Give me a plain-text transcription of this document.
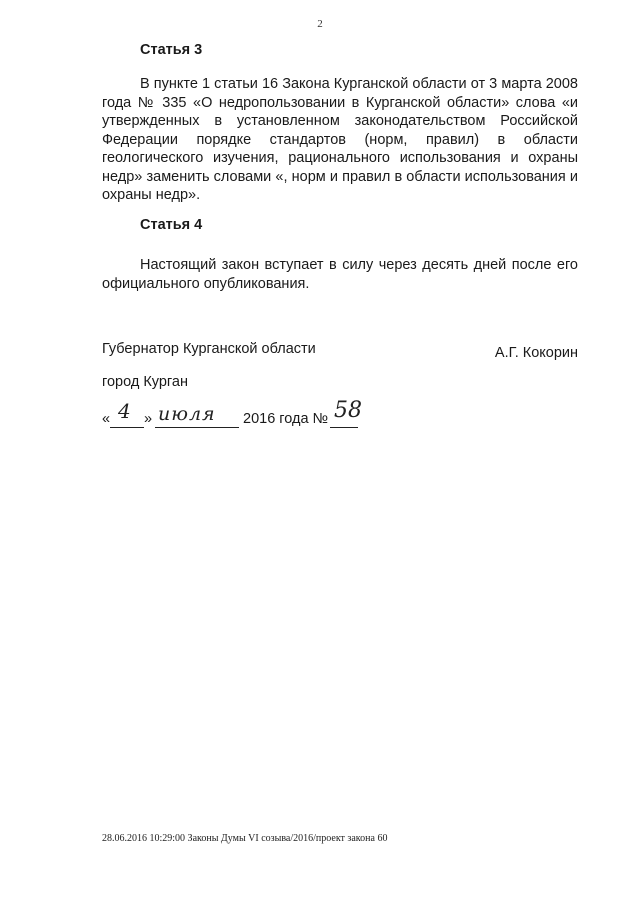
2
Статья 3

В пункте 1 статьи 16 Закона Курганской области от 3 марта 2008 года № 335 «О недропользовании в Курганской области» слова «и утвержденных в установленном законодательством Российской Федерации порядке стандартов (норм, правил) в области геологического изучения, рационального использования и охраны недр» заменить словами «, норм и правил в области использования и охраны недр».

Статья 4

Настоящий закон вступает в силу через десять дней после его официального опубликования.

Губернатор Курганской области	А.Г. Кокорин
город Курган
« 4 » июля 2016 года № 58
28.06.2016 10:29:00 Законы Думы VI созыва/2016/проект закона 60
